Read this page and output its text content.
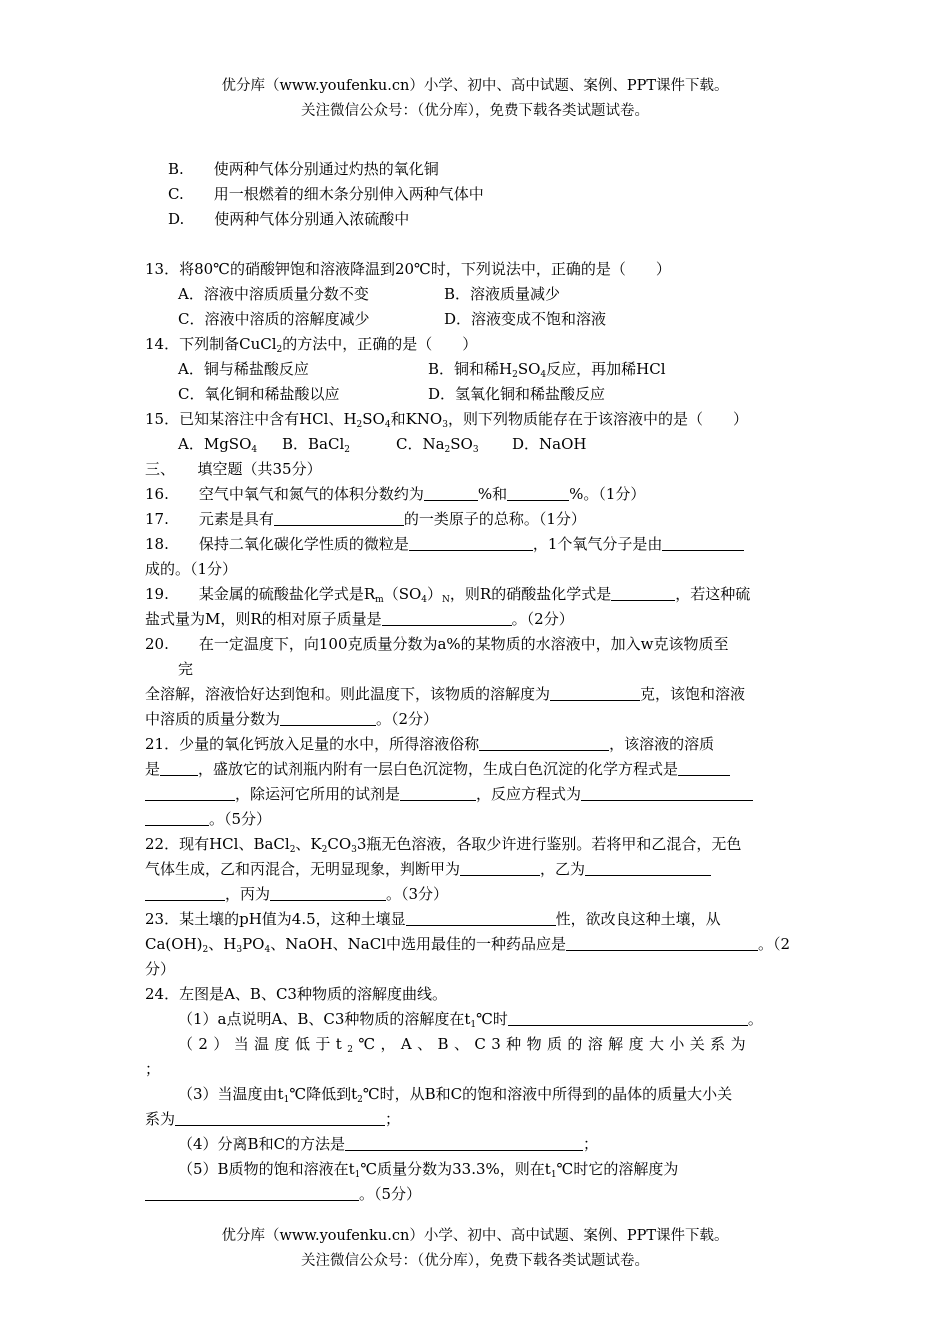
优分库（www.youfenku.cn）小学、初中、高中试题、案例、PPT课件下载。
关注微信公众号：（优分库），免费下载各类试题试卷。
B.　　使两种气体分别通过灼热的氧化铜
C.　　用一根燃着的细木条分别伸入两种气体中
D.　　使两种气体分别通入浓硫酸中
13．将80℃的硝酸钾饱和溶液降温到20℃时，下列说法中，正确的是（　　）
A．溶液中溶质质量分数不变	B．溶液质量减少
C．溶液中溶质的溶解度减少	D．溶液变成不饱和溶液
14．下列制备CuCl$_2$的方法中，正确的是（　　）
A．铜与稀盐酸反应	B．铜和稀$H_2SO_4$反应，再加稀HCl
C．氧化铜和稀盐酸以应	D．氢氧化铜和稀盐酸反应
15．已知某溶注中含有HCl、$H_2SO_4$和$KNO_3$，则下列物质能存在于该溶液中的是（　　）
A．MgSO$_4$ B．BaCl$_2$	C．$Na_2SO_3$ D．NaOH
三、　　填空题（共35分）
16.　　空气中氧气和氮气的体积分数约为	%和	%。（1分）
17.　　元素是具有	的一类原子的总称。（1分）
18.　　保持二氧化碳化学性质的微粒是	，1个氧气分子是由
成的。（1分）
19.　　某金属的硫酸盐化学式是$R_m(SO_4)_N$，则R的硝酸盐化学式是	，若这种硫
盐式量为M，则R的相对原子质量是	。（2分）
20.　　在一定温度下，向100克质量分数为a%的某物质的水溶液中，加入w克该物质至
完
全溶解，溶液恰好达到饱和。则此温度下，该物质的溶解度为	克，该饱和溶液
中溶质的质量分数为	。（2分）
21．少量的氧化钙放入足量的水中，所得溶液俗称	，该溶液的溶质
是	，盛放它的试剂瓶内附有一层白色沉淀物，生成白色沉淀的化学方程式是
，除运河它所用的试剂是	，反应方程式为
。（5分）
22．现有HCl、BaCl$_2$、$K_2CO_33$瓶无色溶液，各取少许进行鉴别。若将甲和乙混合，无色
气体生成，乙和丙混合，无明显现象，判断甲为	，乙为
，丙为	。（3分）
23．某土壤的pH值为4.5，这种土壤显	性，欲改良这种土壤，从
$Ca(OH)_2$、$H_3PO_4$、NaOH、NaCl中选用最佳的一种药品应是	。（2
分）
24．左图是A、B、C3种物质的溶解度曲线。
（1）a点说明A、B、C3种物质的溶解度在$t_1℃$时	。
（2）当温度低于$t_2℃$，A、B、C3种物质的溶解度大小关系为
；
（3）当温度由$t_1℃$降低到$t_2℃$时，从B和C的饱和溶液中所得到的晶体的质量大小关
系为	；
（4）分离B和C的方法是	；
（5）B质物的饱和溶液在$t_1℃$质量分数为33.3%，则在$t_1℃$时它的溶解度为
。（5分）
优分库（www.youfenku.cn）小学、初中、高中试题、案例、PPT课件下载。
关注微信公众号：（优分库），免费下载各类试题试卷。
